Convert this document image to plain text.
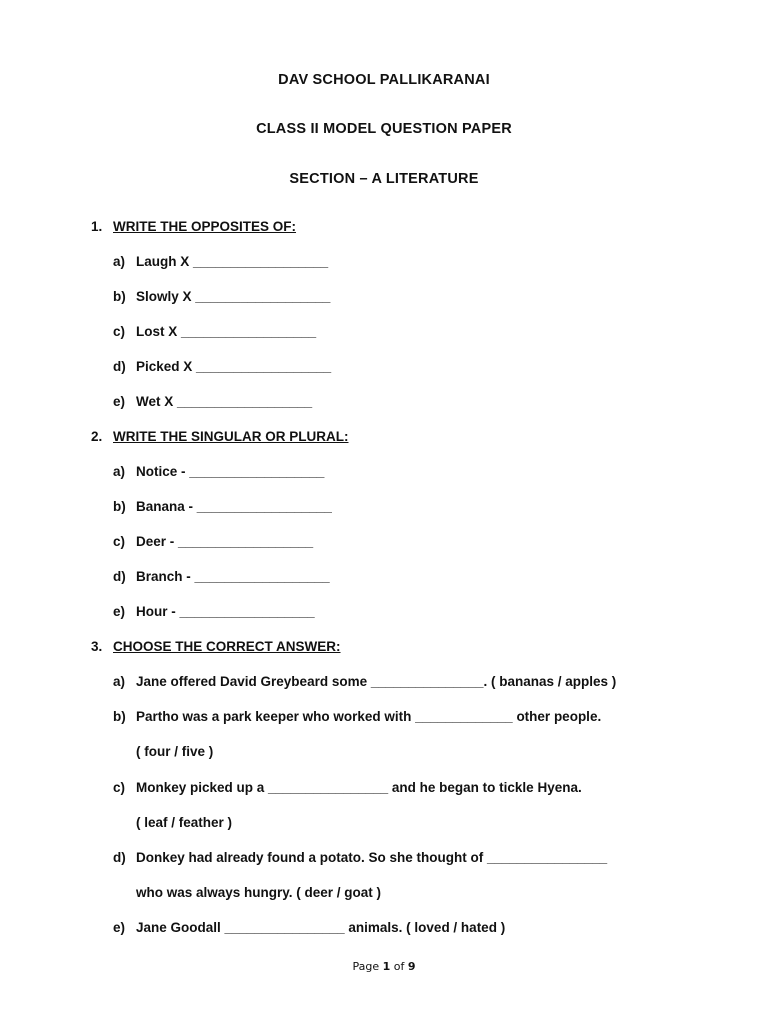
DAV SCHOOL PALLIKARANAI
CLASS II MODEL QUESTION PAPER
SECTION – A LITERATURE
1. WRITE THE OPPOSITES OF:
a) Laugh X __________________
b) Slowly X __________________
c) Lost X __________________
d) Picked X __________________
e) Wet X __________________
2. WRITE THE SINGULAR OR PLURAL:
a) Notice - __________________
b) Banana - __________________
c) Deer - __________________
d) Branch - __________________
e) Hour - __________________
3. CHOOSE THE CORRECT ANSWER:
a) Jane offered David Greybeard some _______________. ( bananas / apples )
b) Partho was a park keeper who worked with _____________ other people.
( four / five )
c) Monkey picked up a ________________ and he began to tickle Hyena.
( leaf / feather )
d) Donkey had already found a potato. So she thought of ________________
who was always hungry. ( deer / goat )
e) Jane Goodall ________________ animals. ( loved / hated )
Page 1 of 9
